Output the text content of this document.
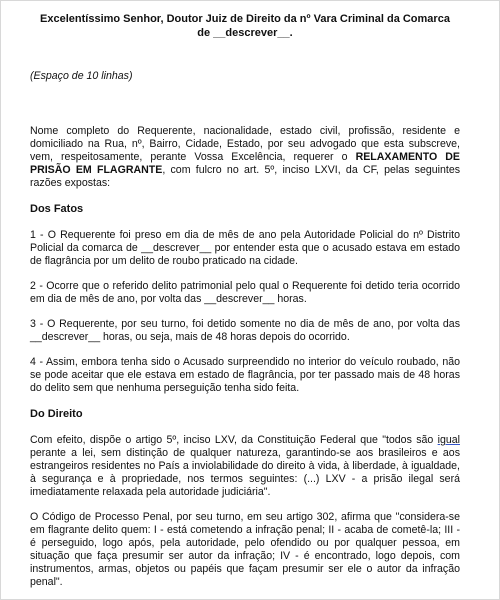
Excelentíssimo Senhor, Doutor Juiz de Direito da nº Vara Criminal da Comarca

de __descrever__.

(Espaço de 10 linhas)

Nome completo do Requerente, nacionalidade, estado civil, profissão, residente e domiciliado na Rua, nº, Bairro, Cidade, Estado, por seu advogado que esta subscreve, vem, respeitosamente, perante Vossa Excelência, requerer o RELAXAMENTO DE PRISÃO EM FLAGRANTE, com fulcro no art. 5º, inciso LXVI, da CF, pelas seguintes razões expostas:

Dos Fatos

1 - O Requerente foi preso em dia de mês de ano pela Autoridade Policial do nº Distrito Policial da comarca de __descrever__ por entender esta que o acusado estava em estado de flagrância por um delito de roubo praticado na cidade.

2 - Ocorre que o referido delito patrimonial pelo qual o Requerente foi detido teria ocorrido em dia de mês de ano, por volta das __descrever__ horas.

3 - O Requerente, por seu turno, foi detido somente no dia de mês de ano, por volta das __descrever__ horas, ou seja, mais de 48 horas depois do ocorrido.

4 - Assim, embora tenha sido o Acusado surpreendido no interior do veículo roubado, não se pode aceitar que ele estava em estado de flagrância, por ter passado mais de 48 horas do delito sem que nenhuma perseguição tenha sido feita.

Do Direito

Com efeito, dispõe o artigo 5º, inciso LXV, da Constituição Federal que "todos são igual perante a lei, sem distinção de qualquer natureza, garantindo-se aos brasileiros e aos estrangeiros residentes no País a inviolabilidade do direito à vida, à liberdade, à igualdade, à segurança e à propriedade, nos termos seguintes: (...) LXV - a prisão ilegal será imediatamente relaxada pela autoridade judiciária".

O Código de Processo Penal, por seu turno, em seu artigo 302, afirma que "considera-se em flagrante delito quem: I - está cometendo a infração penal; II - acaba de cometê-la; III - é perseguido, logo após, pela autoridade, pelo ofendido ou por qualquer pessoa, em situação que faça presumir ser autor da infração; IV - é encontrado, logo depois, com instrumentos, armas, objetos ou papéis que façam presumir ser ele o autor da infração penal".
